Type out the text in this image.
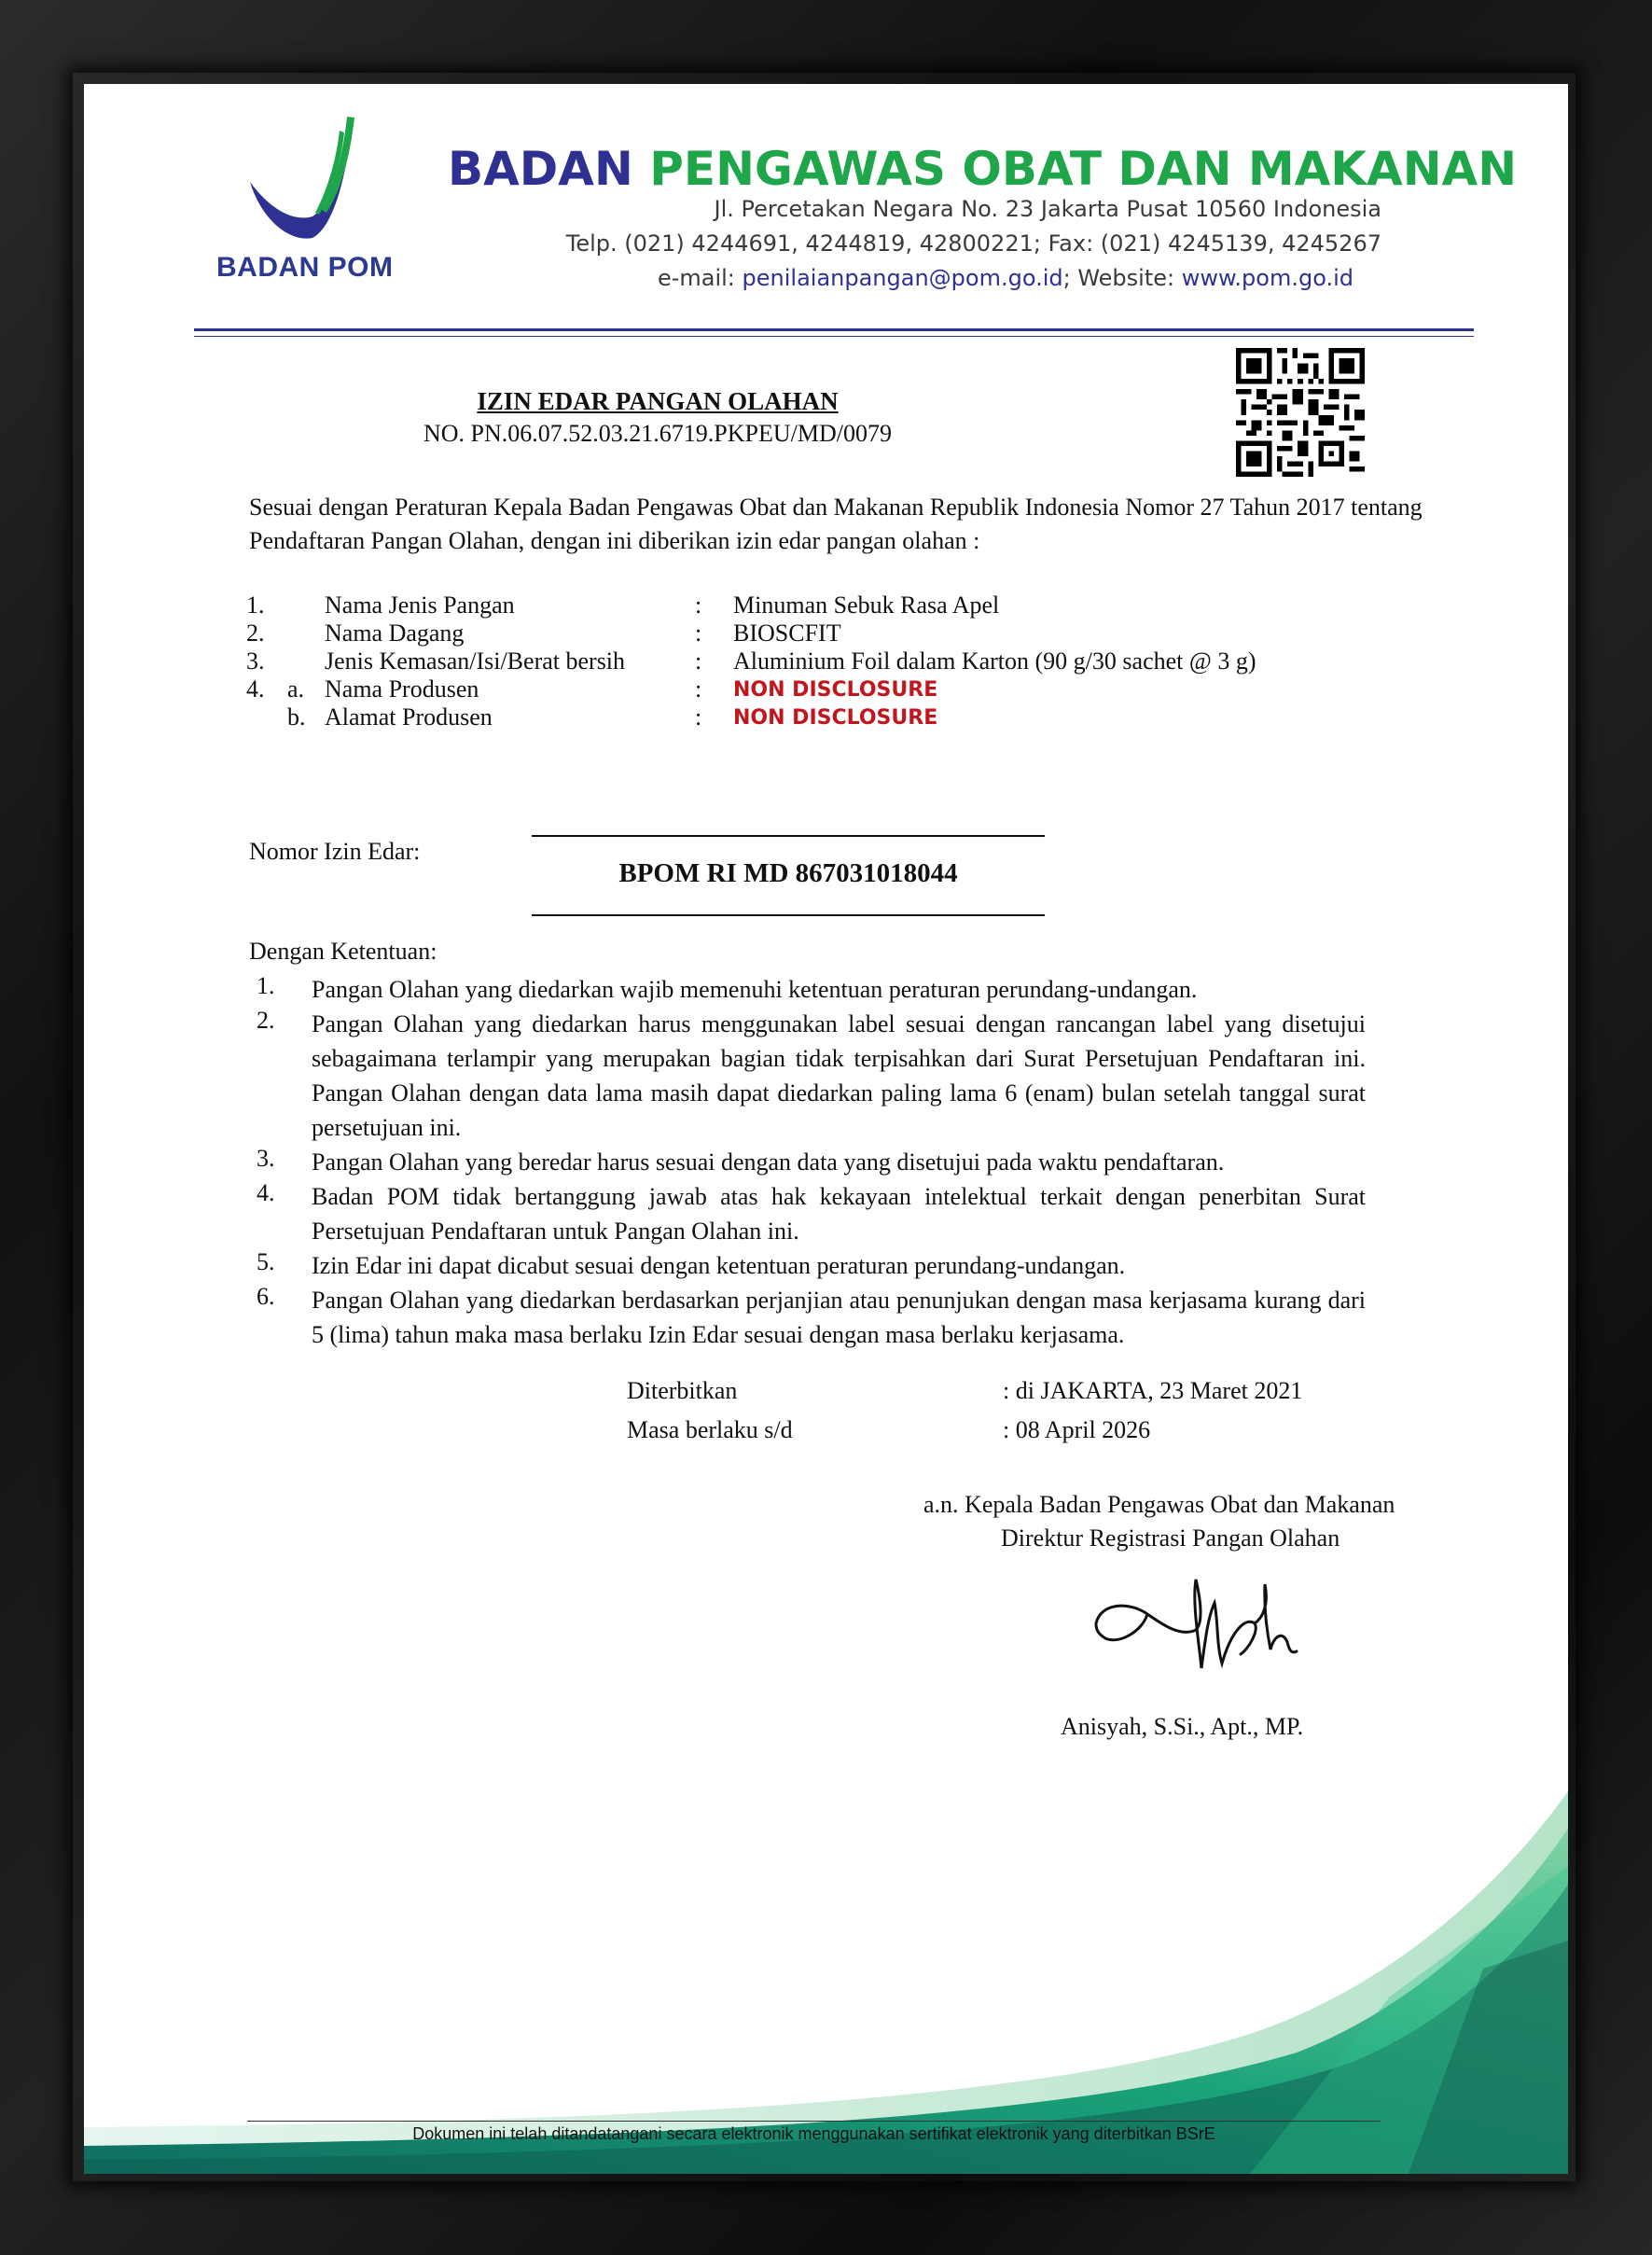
BADAN POM
BADAN PENGAWAS OBAT DAN MAKANAN
Jl. Percetakan Negara No. 23 Jakarta Pusat 10560 Indonesia
Telp. (021) 4244691, 4244819, 42800221; Fax: (021) 4245139, 4245267
e-mail: penilaianpangan@pom.go.id; Website: www.pom.go.id
IZIN EDAR PANGAN OLAHAN
NO. PN.06.07.52.03.21.6719.PKPEU/MD/0079
Sesuai dengan Peraturan Kepala Badan Pengawas Obat dan Makanan Republik Indonesia Nomor 27 Tahun 2017 tentang Pendaftaran Pangan Olahan, dengan ini diberikan izin edar pangan olahan :
1. Nama Jenis Pangan	: Minuman Sebuk Rasa Apel
2. Nama Dagang	: BIOSCFIT
3. Jenis Kemasan/Isi/Berat bersih	: Aluminium Foil dalam Karton (90 g/30 sachet @ 3 g)
4. a. Nama Produsen	: NON DISCLOSURE
b. Alamat Produsen	: NON DISCLOSURE
Nomor Izin Edar:
BPOM RI MD 867031018044
Dengan Ketentuan:
1. Pangan Olahan yang diedarkan wajib memenuhi ketentuan peraturan perundang-undangan.
2. Pangan Olahan yang diedarkan harus menggunakan label sesuai dengan rancangan label yang disetujui sebagaimana terlampir yang merupakan bagian tidak terpisahkan dari Surat Persetujuan Pendaftaran ini. Pangan Olahan dengan data lama masih dapat diedarkan paling lama 6 (enam) bulan setelah tanggal surat persetujuan ini.
3. Pangan Olahan yang beredar harus sesuai dengan data yang disetujui pada waktu pendaftaran.
4. Badan POM tidak bertanggung jawab atas hak kekayaan intelektual terkait dengan penerbitan Surat Persetujuan Pendaftaran untuk Pangan Olahan ini.
5. Izin Edar ini dapat dicabut sesuai dengan ketentuan peraturan perundang-undangan.
6. Pangan Olahan yang diedarkan berdasarkan perjanjian atau penunjukan dengan masa kerjasama kurang dari 5 (lima) tahun maka masa berlaku Izin Edar sesuai dengan masa berlaku kerjasama.
Diterbitkan	: di JAKARTA, 23 Maret 2021
Masa berlaku s/d	: 08 April 2026
a.n. Kepala Badan Pengawas Obat dan Makanan
Direktur Registrasi Pangan Olahan
Anisyah, S.Si., Apt., MP.
Dokumen ini telah ditandatangani secara elektronik menggunakan sertifikat elektronik yang diterbitkan BSrE
